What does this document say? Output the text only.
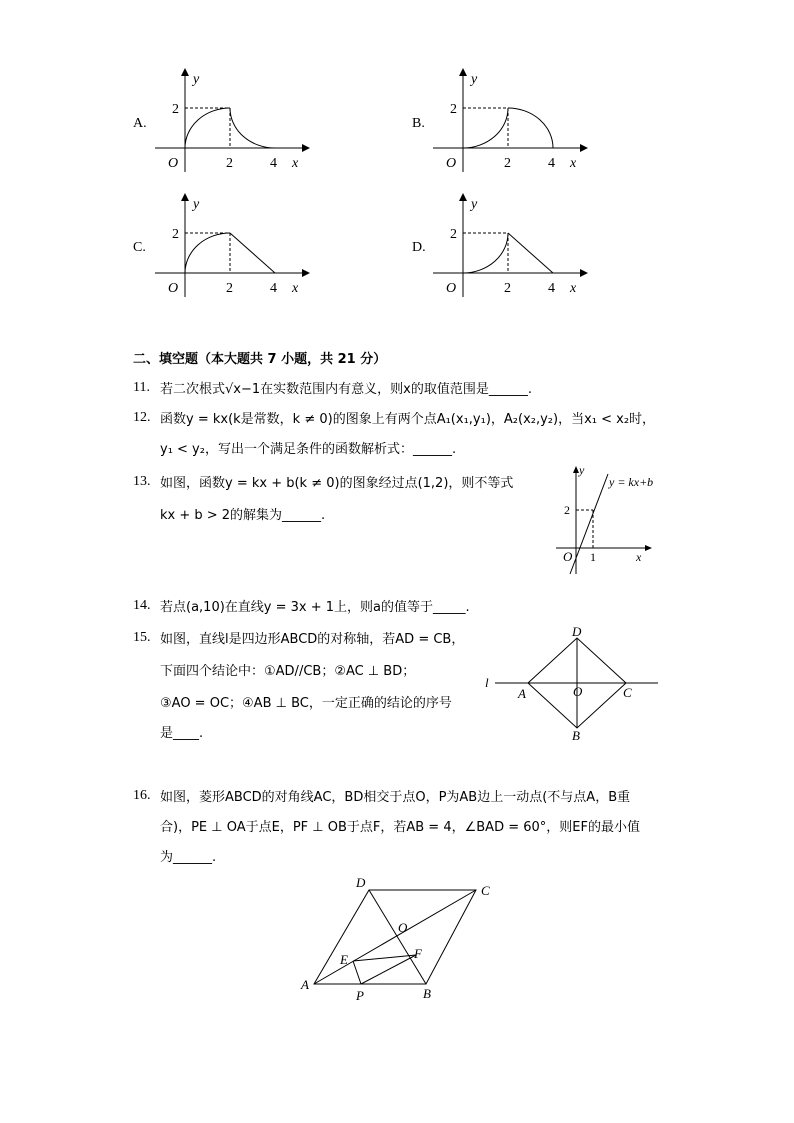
A.	B.
C.	D.
y
2
O	2	4 x
y
2
O	2	4 x
y
2
O	2	4 x
y
2
O	2	4 x
二、填空题（本大题共 7 小题，共 21 分）
11. 若二次根式√x−1在实数范围内有意义，则x的取值范围是______.
12. 函数y = kx(k是常数，k ≠ 0)的图象上有两个点A₁(x₁,y₁)，A₂(x₂,y₂)，当x₁ < x₂时，
y₁ < y₂，写出一个满足条件的函数解析式：______.
13. 如图，函数y = kx + b(k ≠ 0)的图象经过点(1,2)，则不等式
kx + b > 2的解集为______.
y
y = kx+b
2
O 1	x
14. 若点(a,10)在直线y = 3x + 1上，则a的值等于_____.
15. 如图，直线l是四边形ABCD的对称轴，若AD = CB，
下面四个结论中：①AD//CB；②AC ⊥ BD；
③AO = OC；④AB ⊥ BC，一定正确的结论的序号
是____.
D
l
A	O	C
B
16. 如图，菱形ABCD的对角线AC，BD相交于点O，P为AB边上一动点(不与点A，B重
合)，PE ⊥ OA于点E，PF ⊥ OB于点F，若AB = 4，∠BAD = 60°，则EF的最小值
为______.
D
C
O
E	F
A
P	B
